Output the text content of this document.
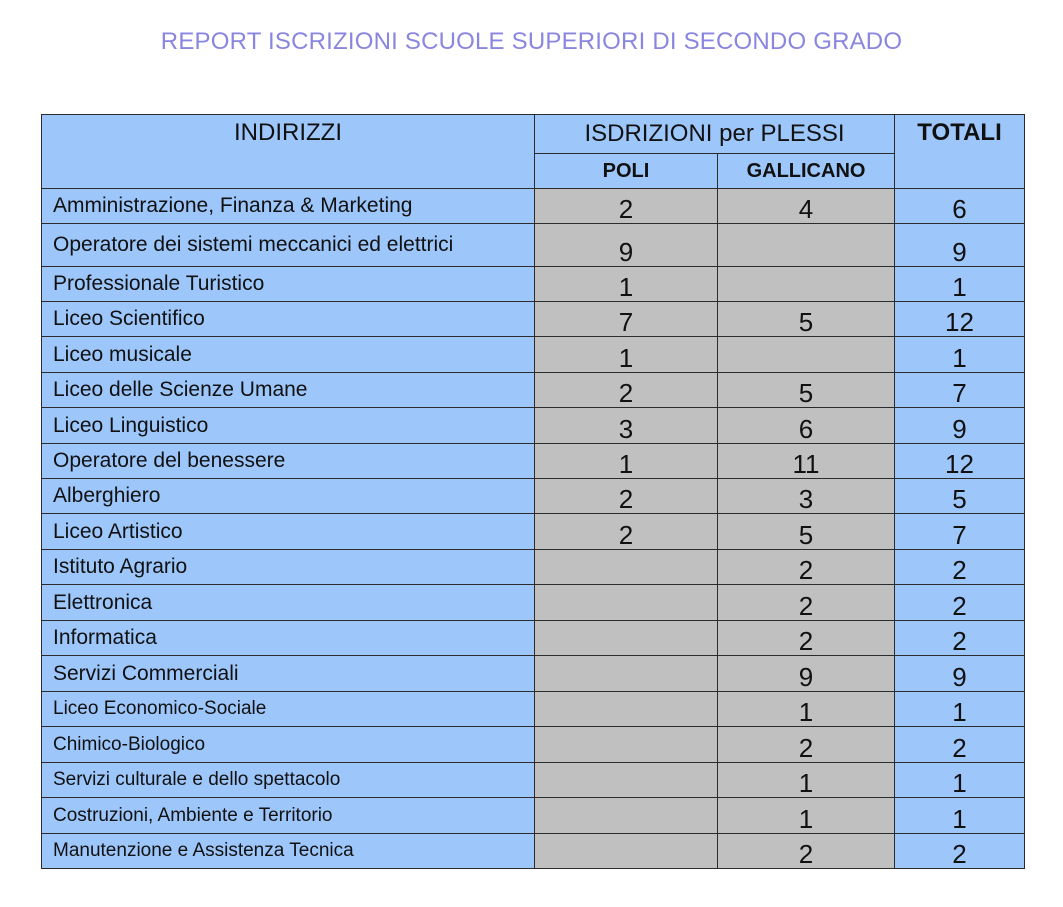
REPORT ISCRIZIONI SCUOLE SUPERIORI DI SECONDO GRADO
INDIRIZZI	ISDRIZIONI per PLESSI		TOTALI
	POLI	GALLICANO	
Amministrazione, Finanza & Marketing	2	4	6
Operatore dei sistemi meccanici ed elettrici	9		9
Professionale Turistico	1		1
Liceo Scientifico	7	5	12
Liceo musicale	1		1
Liceo delle Scienze Umane	2	5	7
Liceo Linguistico	3	6	9
Operatore del benessere	1	11	12
Alberghiero	2	3	5
Liceo Artistico	2	5	7
Istituto Agrario		2	2
Elettronica		2	2
Informatica		2	2
Servizi Commerciali		9	9
Liceo Economico-Sociale		1	1
Chimico-Biologico		2	2
Servizi culturale e dello spettacolo		1	1
Costruzioni, Ambiente e Territorio		1	1
Manutenzione e Assistenza Tecnica		2	2
